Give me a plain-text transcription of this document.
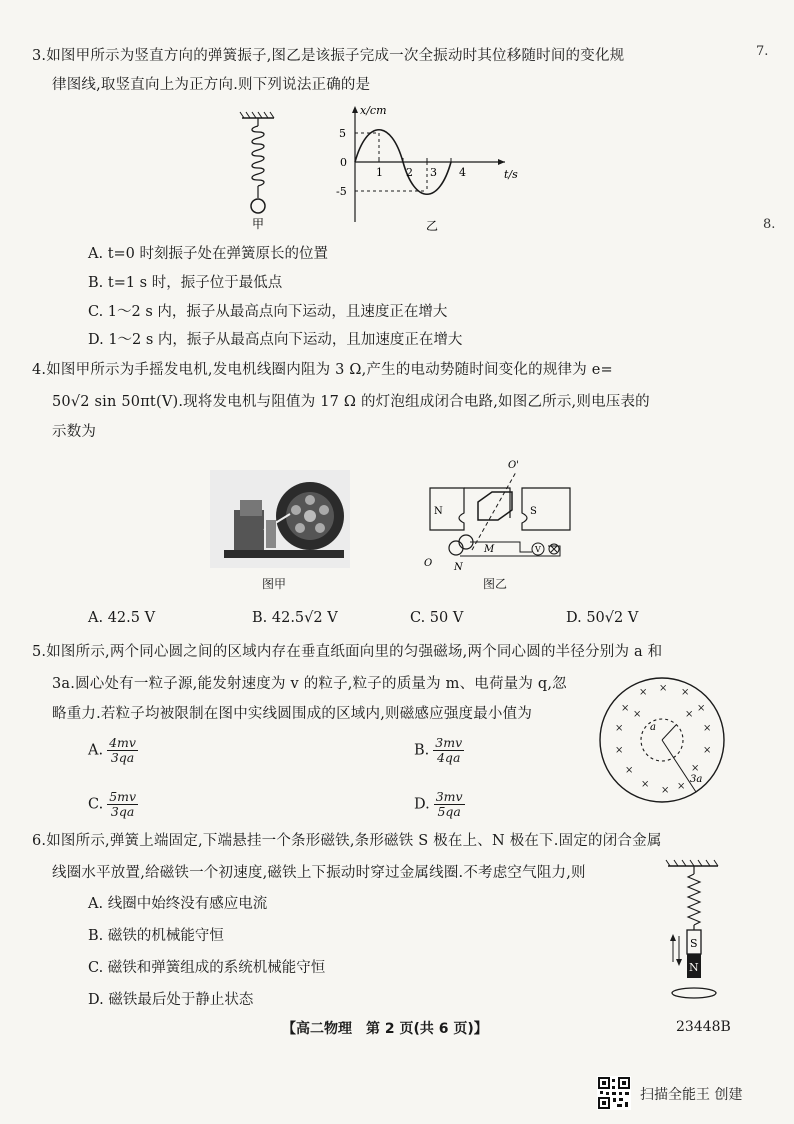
7.
8.
3.如图甲所示为竖直方向的弹簧振子,图乙是该振子完成一次全振动时其位移随时间的变化规
律图线,取竖直向上为正方向.则下列说法正确的是
甲
x/cm
t/s
5
-5
0
1 2 3 4
乙
A. t=0 时刻振子处在弹簧原长的位置
B. t=1 s 时，振子位于最低点
C. 1～2 s 内，振子从最高点向下运动，且速度正在增大
D. 1～2 s 内，振子从最高点向下运动，且加速度正在增大
4.如图甲所示为手摇发电机,发电机线圈内阻为 3 Ω,产生的电动势随时间变化的规律为 e=
50√2 sin 50πt(V).现将发电机与阻值为 17 Ω 的灯泡组成闭合电路,如图乙所示,则电压表的
示数为
图甲
O'
N	S
M
O N
V
图乙
A. 42.5 V	B. 42.5√2 V	C. 50 V	D. 50√2 V
5.如图所示,两个同心圆之间的区域内存在垂直纸面向里的匀强磁场,两个同心圆的半径分别为 a 和
3a.圆心处有一粒子源,能发射速度为 v 的粒子,粒子的质量为 m、电荷量为 q,忽
略重力.若粒子均被限制在图中实线圆围成的区域内,则磁感应强度最小值为
A. $\frac{4mv}{3qa}$	B. $\frac{3mv}{4qa}$
C. $\frac{5mv}{3qa}$	D. $\frac{3mv}{5qa}$
× × ×
×	×
×	×
×	×
×	×
×
× ×
×	×
a
3a
6.如图所示,弹簧上端固定,下端悬挂一个条形磁铁,条形磁铁 S 极在上、N 极在下.固定的闭合金属
线圈水平放置,给磁铁一个初速度,磁铁上下振动时穿过金属线圈.不考虑空气阻力,则
A. 线圈中始终没有感应电流
B. 磁铁的机械能守恒
C. 磁铁和弹簧组成的系统机械能守恒
D. 磁铁最后处于静止状态
S
N
【高二物理　第 2 页(共 6 页)】	23448B
扫描全能王 创建
